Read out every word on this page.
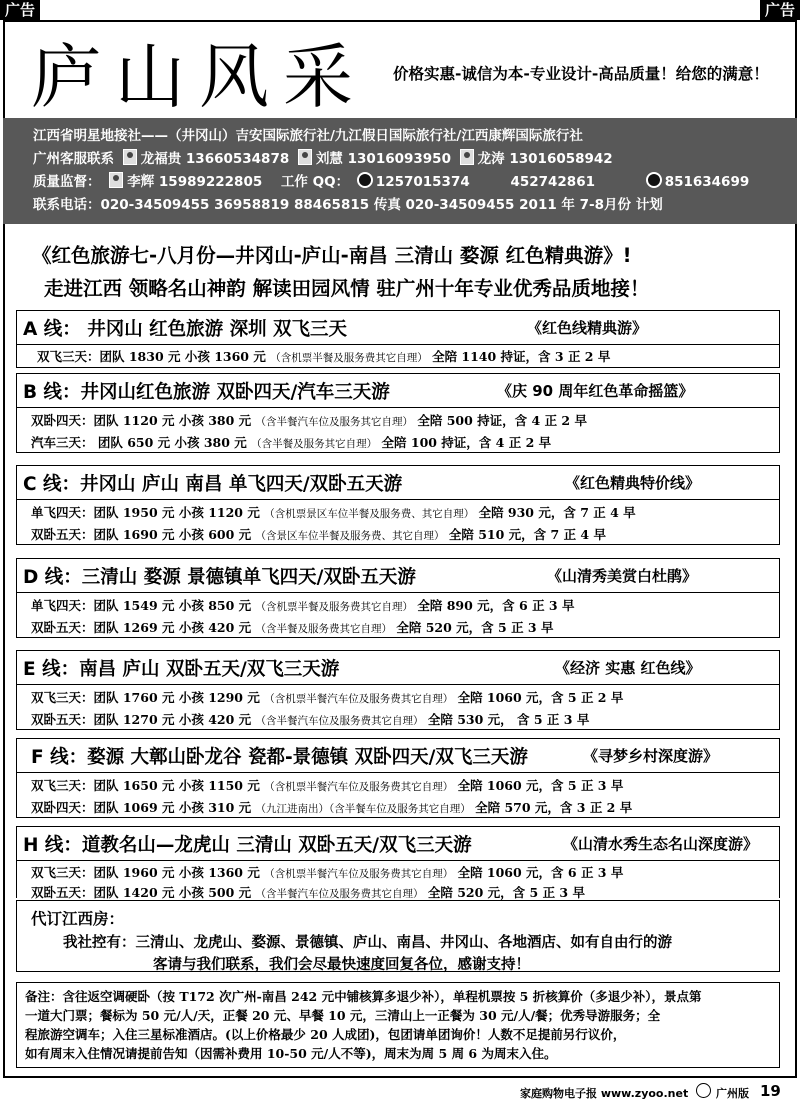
广告	广告
庐山风采 价格实惠-诚信为本-专业设计-高品质量！给您的满意！
江西省明星地接社——（井冈山）吉安国际旅行社/九江假日国际旅行社/江西康辉国际旅行社
广州客服联系 龙福贵 13660534878 刘慧 13016093950 龙涛 13016058942
质量监督： 李辉 15989222805 工作 QQ： 1257015374	452742861	851634699
联系电话：020-34509455 36958819 88465815 传真 020-34509455 2011 年 7-8月份 计划
《红色旅游七-八月份—井冈山-庐山-南昌 三清山 婺源 红色精典游》!
走进江西 领略名山神韵 解读田园风情 驻广州十年专业优秀品质地接！
A 线： 井冈山 红色旅游 深圳 双飞三天	《红色线精典游》
双飞三天：团队 1830 元 小孩 1360 元 （含机票半餐及服务费其它自理） 全陪 1140 持证，含 3 正 2 早
B 线：井冈山红色旅游 双卧四天/汽车三天游	《庆 90 周年红色革命摇篮》
双卧四天：团队 1120 元 小孩 380 元 （含半餐汽车位及服务其它自理） 全陪 500 持证，含 4 正 2 早
汽车三天： 团队 650 元 小孩 380 元 （含半餐及服务其它自理） 全陪 100 持证，含 4 正 2 早
C 线：井冈山 庐山 南昌 单飞四天/双卧五天游	《红色精典特价线》
单飞四天：团队 1950 元 小孩 1120 元 （含机票景区车位半餐及服务费、其它自理） 全陪 930 元，含 7 正 4 早
双卧五天：团队 1690 元 小孩 600 元 （含景区车位半餐及服务费、其它自理） 全陪 510 元，含 7 正 4 早
D 线：三清山 婺源 景德镇单飞四天/双卧五天游	《山清秀美赏白杜鹃》
单飞四天：团队 1549 元 小孩 850 元 （含机票半餐及服务费其它自理） 全陪 890 元，含 6 正 3 早
双卧五天：团队 1269 元 小孩 420 元 （含半餐及服务费其它自理） 全陪 520 元，含 5 正 3 早
E 线：南昌 庐山 双卧五天/双飞三天游	《经济 实惠 红色线》
双飞三天：团队 1760 元 小孩 1290 元 （含机票半餐汽车位及服务费其它自理） 全陪 1060 元，含 5 正 2 早
双卧五天：团队 1270 元 小孩 420 元 （含半餐汽车位及服务费其它自理） 全陪 530 元， 含 5 正 3 早
F 线：婺源 大鄣山卧龙谷 瓷都-景德镇 双卧四天/双飞三天游	《寻梦乡村深度游》
双飞三天：团队 1650 元 小孩 1150 元 （含机票半餐汽车位及服务费其它自理） 全陪 1060 元，含 5 正 3 早
双卧四天：团队 1069 元 小孩 310 元 （九江进南出）（含半餐车位及服务其它自理） 全陪 570 元，含 3 正 2 早
H 线：道教名山—龙虎山 三清山 双卧五天/双飞三天游	《山清水秀生态名山深度游》
双飞三天：团队 1960 元 小孩 1360 元 （含机票半餐汽车位及服务费其它自理） 全陪 1060 元，含 6 正 3 早
双卧五天：团队 1420 元 小孩 500 元 （含半餐汽车位及服务费其它自理） 全陪 520 元，含 5 正 3 早
代订江西房：
我社控有：三清山、龙虎山、婺源、景德镇、庐山、南昌、井冈山、各地酒店、如有自由行的游
客请与我们联系，我们会尽最快速度回复各位，感谢支持！
备注：含往返空调硬卧（按 T172 次广州-南昌 242 元中铺核算多退少补），单程机票按 5 折核算价（多退少补），景点第
一道大门票；餐标为 50 元/人/天，正餐 20 元、早餐 10 元，三清山上一正餐为 30 元/人/餐；优秀导游服务；全
程旅游空调车；入住三星标准酒店。(以上价格最少 20 人成团)，包团请单团询价！人数不足提前另行议价，
如有周末入住情况请提前告知（因需补费用 10-50 元/人不等)，周末为周 5 周 6 为周末入住。
家庭购物电子报 www.zyoo.net	广州版 19
